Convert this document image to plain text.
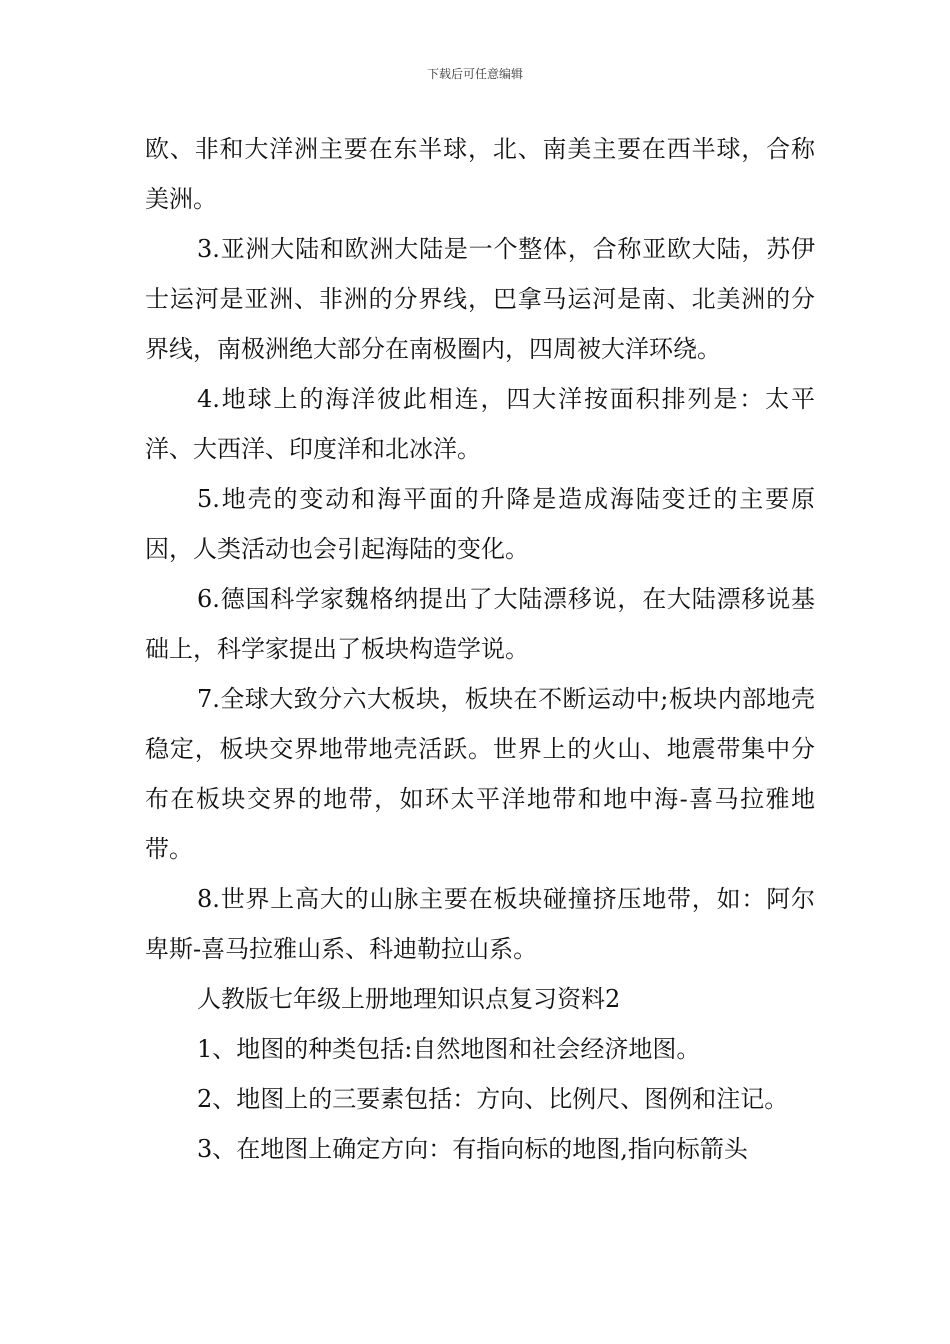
下载后可任意编辑

欧、非和大洋洲主要在东半球，北、南美主要在西半球，合称美洲。

3.亚洲大陆和欧洲大陆是一个整体，合称亚欧大陆，苏伊士运河是亚洲、非洲的分界线，巴拿马运河是南、北美洲的分界线，南极洲绝大部分在南极圈内，四周被大洋环绕。

4.地球上的海洋彼此相连，四大洋按面积排列是：太平洋、大西洋、印度洋和北冰洋。

5.地壳的变动和海平面的升降是造成海陆变迁的主要原因，人类活动也会引起海陆的变化。

6.德国科学家魏格纳提出了大陆漂移说，在大陆漂移说基础上，科学家提出了板块构造学说。

7.全球大致分六大板块，板块在不断运动中;板块内部地壳稳定，板块交界地带地壳活跃。世界上的火山、地震带集中分布在板块交界的地带，如环太平洋地带和地中海-喜马拉雅地带。

8.世界上高大的山脉主要在板块碰撞挤压地带，如：阿尔卑斯-喜马拉雅山系、科迪勒拉山系。

人教版七年级上册地理知识点复习资料2

1、地图的种类包括:自然地图和社会经济地图。

2、地图上的三要素包括：方向、比例尺、图例和注记。

3、在地图上确定方向：有指向标的地图,指向标箭头
